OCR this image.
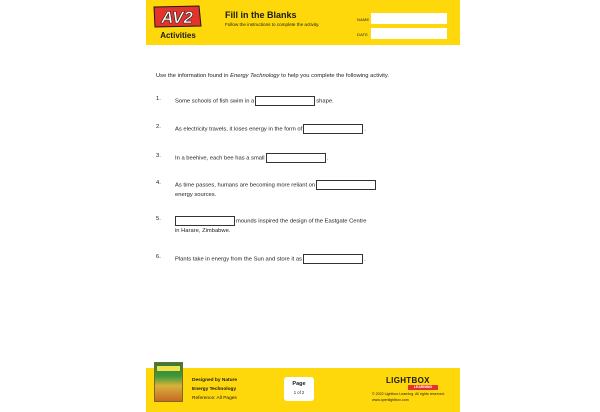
AV2
Activities
Fill in the Blanks
Follow the instructions to complete the activity.
NAME
DATE
Use the information found in Energy Technology to help you complete the following activity.
1. Some schools of fish swim in a	shape.
2. As electricity travels, it loses energy in the form of	.
3. In a beehive, each bee has a small	.
4. As time passes, humans are becoming more reliant on
energy sources.
5.	mounds inspired the design of the Eastgate Centre
in Harare, Zimbabwe.
6. Plants take in energy from the Sun and store it as	.
Designed by Nature
Energy Technology
Reference: All Pages
Page
1 of 2
LIGHTBOX
LEARNING
© 2022 Lightbox Learning. All rights reserved.
www.openlightbox.com
